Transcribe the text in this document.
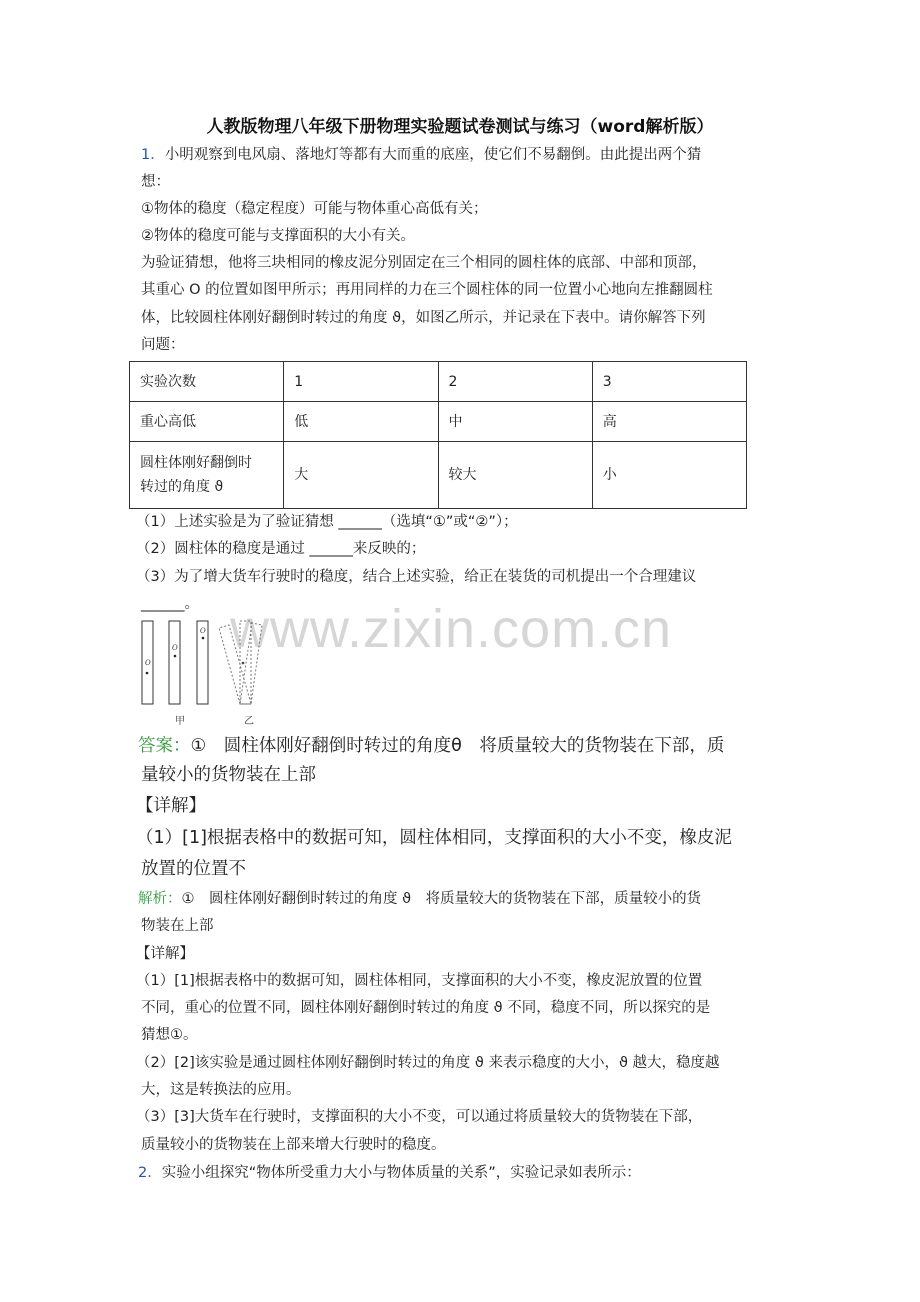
人教版物理八年级下册物理实验题试卷测试与练习（word解析版）
1．小明观察到电风扇、落地灯等都有大而重的底座，使它们不易翻倒。由此提出两个猜
想：
①物体的稳度（稳定程度）可能与物体重心高低有关；
②物体的稳度可能与支撑面积的大小有关。
为验证猜想，他将三块相同的橡皮泥分别固定在三个相同的圆柱体的底部、中部和顶部，
其重心 O 的位置如图甲所示；再用同样的力在三个圆柱体的同一位置小心地向左推翻圆柱
体，比较圆柱体刚好翻倒时转过的角度 ϑ，如图乙所示，并记录在下表中。请你解答下列
问题：
实验次数	1	2	3
重心高低	低	中	高

圆柱体刚好翻倒时
转过的角度 ϑ	大	较大	小
（1）上述实验是为了验证猜想 ______（选填“①”或“②”）；
（2）圆柱体的稳度是通过 ______来反映的；
（3）为了增大货车行驶时的稳度，结合上述实验，给正在装货的司机提出一个合理建议
______。 www.zixin.com.cn
O
O
O
甲	乙
答案：①　圆柱体刚好翻倒时转过的角度θ　将质量较大的货物装在下部，质
量较小的货物装在上部
【详解】
（1）[1]根据表格中的数据可知，圆柱体相同，支撑面积的大小不变，橡皮泥
放置的位置不
解析：①　圆柱体刚好翻倒时转过的角度 ϑ　将质量较大的货物装在下部，质量较小的货
物装在上部
【详解】
（1）[1]根据表格中的数据可知，圆柱体相同，支撑面积的大小不变，橡皮泥放置的位置
不同，重心的位置不同，圆柱体刚好翻倒时转过的角度 ϑ 不同，稳度不同，所以探究的是
猜想①。
（2）[2]该实验是通过圆柱体刚好翻倒时转过的角度 ϑ 来表示稳度的大小，ϑ 越大，稳度越
大，这是转换法的应用。
（3）[3]大货车在行驶时，支撑面积的大小不变，可以通过将质量较大的货物装在下部，
质量较小的货物装在上部来增大行驶时的稳度。
2．实验小组探究“物体所受重力大小与物体质量的关系”，实验记录如表所示：
